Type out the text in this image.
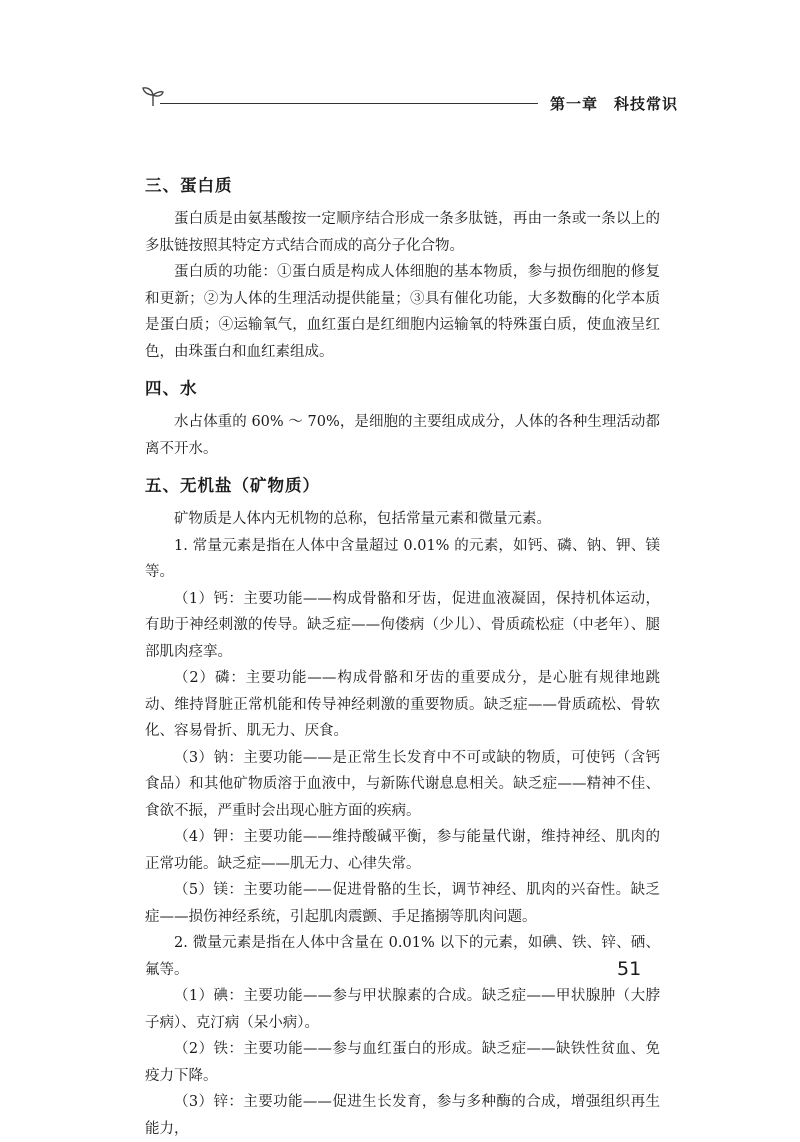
第一章　科技常识
三、蛋白质

蛋白质是由氨基酸按一定顺序结合形成一条多肽链，再由一条或一条以上的多肽链按照其特定方式结合而成的高分子化合物。

蛋白质的功能：①蛋白质是构成人体细胞的基本物质，参与损伤细胞的修复和更新；②为人体的生理活动提供能量；③具有催化功能，大多数酶的化学本质是蛋白质；④运输氧气，血红蛋白是红细胞内运输氧的特殊蛋白质，使血液呈红色，由珠蛋白和血红素组成。

四、水

水占体重的 60% ～ 70%，是细胞的主要组成成分，人体的各种生理活动都离不开水。

五、无机盐（矿物质）

矿物质是人体内无机物的总称，包括常量元素和微量元素。

1. 常量元素是指在人体中含量超过 0.01% 的元素，如钙、磷、钠、钾、镁等。

（1）钙：主要功能——构成骨骼和牙齿，促进血液凝固，保持机体运动，有助于神经刺激的传导。缺乏症——佝偻病（少儿）、骨质疏松症（中老年）、腿部肌肉痉挛。

（2）磷：主要功能——构成骨骼和牙齿的重要成分，是心脏有规律地跳动、维持肾脏正常机能和传导神经刺激的重要物质。缺乏症——骨质疏松、骨软化、容易骨折、肌无力、厌食。

（3）钠：主要功能——是正常生长发育中不可或缺的物质，可使钙（含钙食品）和其他矿物质溶于血液中，与新陈代谢息息相关。缺乏症——精神不佳、食欲不振，严重时会出现心脏方面的疾病。

（4）钾：主要功能——维持酸碱平衡，参与能量代谢，维持神经、肌肉的正常功能。缺乏症——肌无力、心律失常。

（5）镁：主要功能——促进骨骼的生长，调节神经、肌肉的兴奋性。缺乏症——损伤神经系统，引起肌肉震颤、手足搐搦等肌肉问题。

2. 微量元素是指在人体中含量在 0.01% 以下的元素，如碘、铁、锌、硒、氟等。

（1）碘：主要功能——参与甲状腺素的合成。缺乏症——甲状腺肿（大脖子病）、克汀病（呆小病）。

（2）铁：主要功能——参与血红蛋白的形成。缺乏症——缺铁性贫血、免疫力下降。

（3）锌：主要功能——促进生长发育，参与多种酶的合成，增强组织再生能力，

51
